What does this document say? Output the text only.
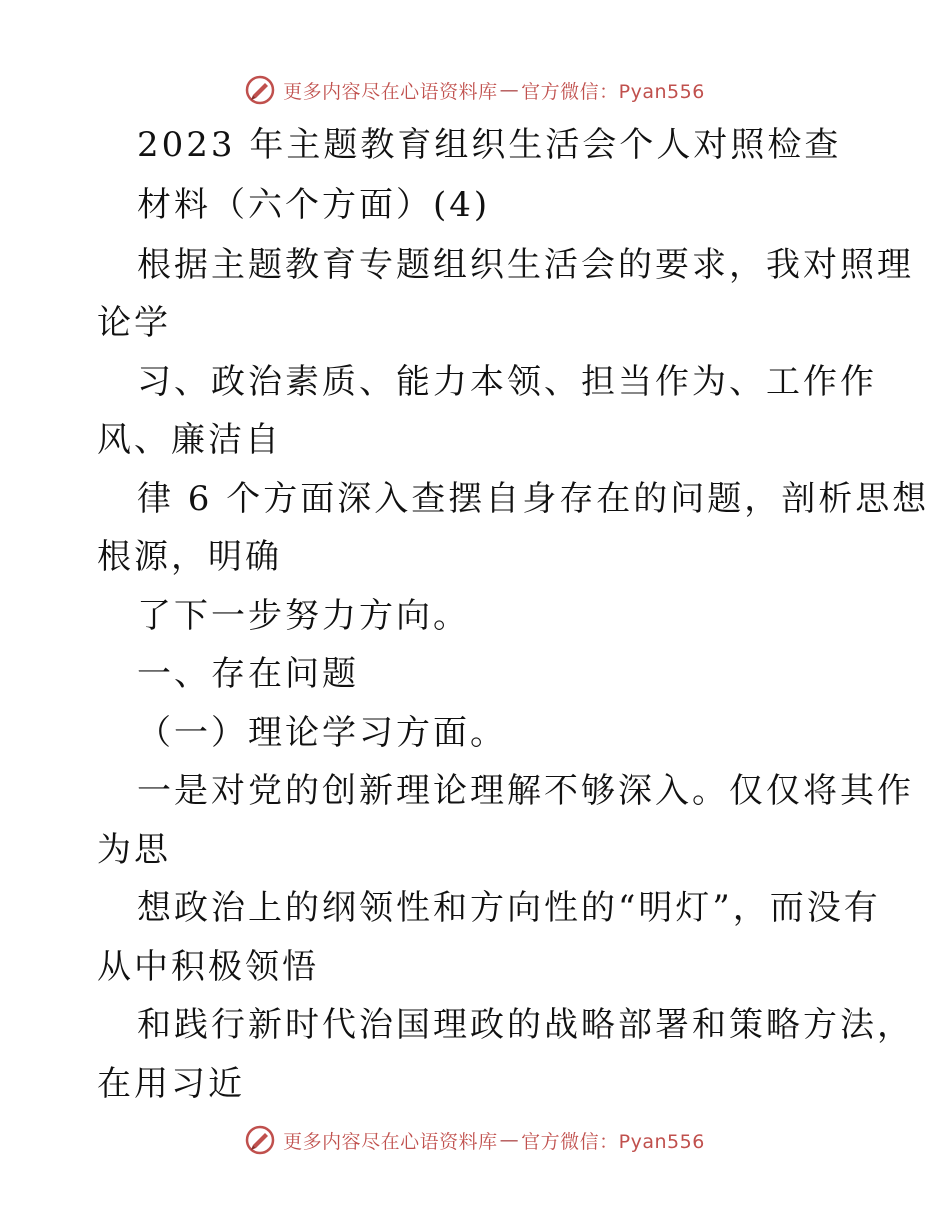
更多内容尽在心语资料库 — 官方微信：Pyan556
2023 年主题教育组织生活会个人对照检查
材料（六个方面）(4)
根据主题教育专题组织生活会的要求，我对照理
论学
习、政治素质、能力本领、担当作为、工作作
风、廉洁自
律 6 个方面深入查摆自身存在的问题，剖析思想
根源，明确
了下一步努力方向。
一、存在问题
（一）理论学习方面。
一是对党的创新理论理解不够深入。仅仅将其作
为思
想政治上的纲领性和方向性的“明灯”，而没有
从中积极领悟
和践行新时代治国理政的战略部署和策略方法，
在用习近
更多内容尽在心语资料库 — 官方微信：Pyan556
